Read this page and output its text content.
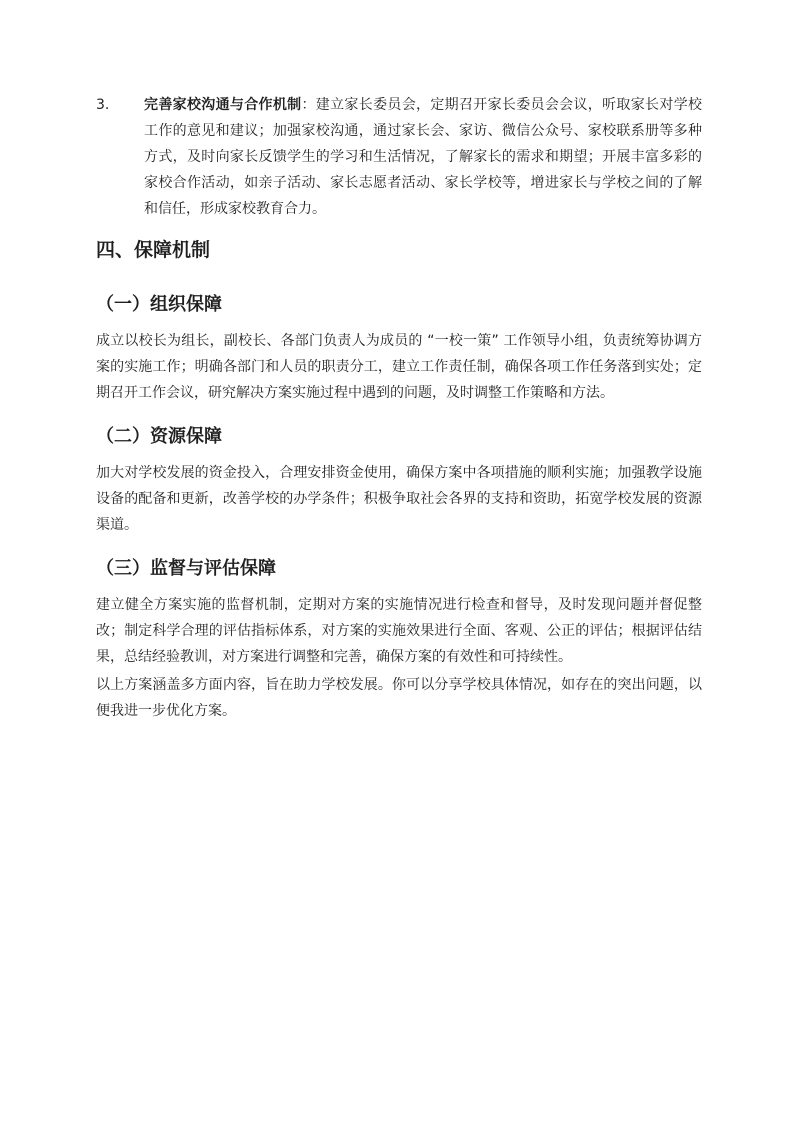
3.	完善家校沟通与合作机制：建立家长委员会，定期召开家长委员会会议，听取家长对学校工作的意见和建议；加强家校沟通，通过家长会、家访、微信公众号、家校联系册等多种方式，及时向家长反馈学生的学习和生活情况，了解家长的需求和期望；开展丰富多彩的家校合作活动，如亲子活动、家长志愿者活动、家长学校等，增进家长与学校之间的了解和信任，形成家校教育合力。
四、保障机制
（一）组织保障

成立以校长为组长，副校长、各部门负责人为成员的 “一校一策” 工作领导小组，负责统筹协调方案的实施工作；明确各部门和人员的职责分工，建立工作责任制，确保各项工作任务落到实处；定期召开工作会议，研究解决方案实施过程中遇到的问题，及时调整工作策略和方法。

（二）资源保障

加大对学校发展的资金投入，合理安排资金使用，确保方案中各项措施的顺利实施；加强教学设施设备的配备和更新，改善学校的办学条件；积极争取社会各界的支持和资助，拓宽学校发展的资源渠道。

（三）监督与评估保障

建立健全方案实施的监督机制，定期对方案的实施情况进行检查和督导，及时发现问题并督促整改；制定科学合理的评估指标体系，对方案的实施效果进行全面、客观、公正的评估；根据评估结果，总结经验教训，对方案进行调整和完善，确保方案的有效性和可持续性。

以上方案涵盖多方面内容，旨在助力学校发展。你可以分享学校具体情况，如存在的突出问题，以便我进一步优化方案。
